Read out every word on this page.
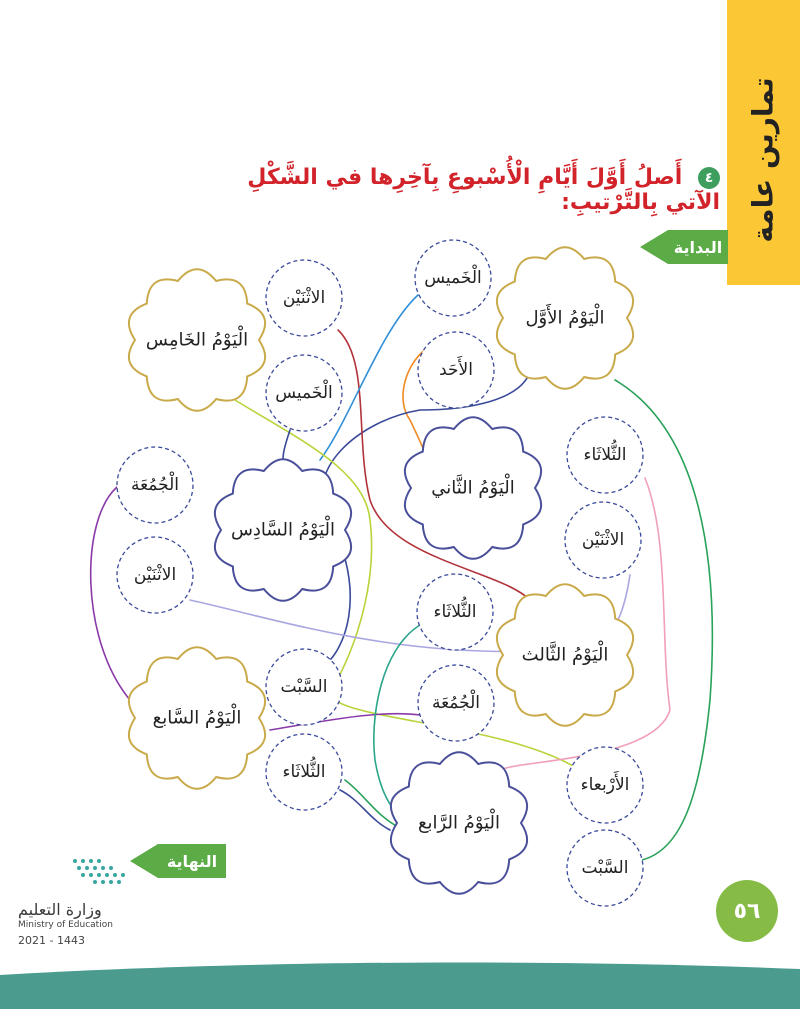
تمارين عامة
٤ أَصلُ أَوَّلَ أَيَّامِ الْأُسْبوعِ بِآخِرِها في الشَّكْلِ الآتي بِالتَّرْتيبِ:
البداية
الْيَوْمُ الأَوَّل
الْيَوْمُ الثَّاني
الْيَوْمُ الثَّالث
الْيَوْمُ الرَّابع
الْيَوْمُ الخَامِس
الْيَوْمُ السَّادِس
الْيَوْمُ السَّابع
الْخَميس
الاثْنَيْن
الأَحَد
الْخَميس
الثُّلاثَاء
الْجُمُعَة
الاثْنَيْن
الاثْنَيْن
الثُّلاثَاء
السَّبْت
الْجُمُعَة
الثُّلاثَاء
الأَرْبعاء
السَّبْت
النهاية
وزارة التعليم
Ministry of Education
2021 - 1443
٥٦
